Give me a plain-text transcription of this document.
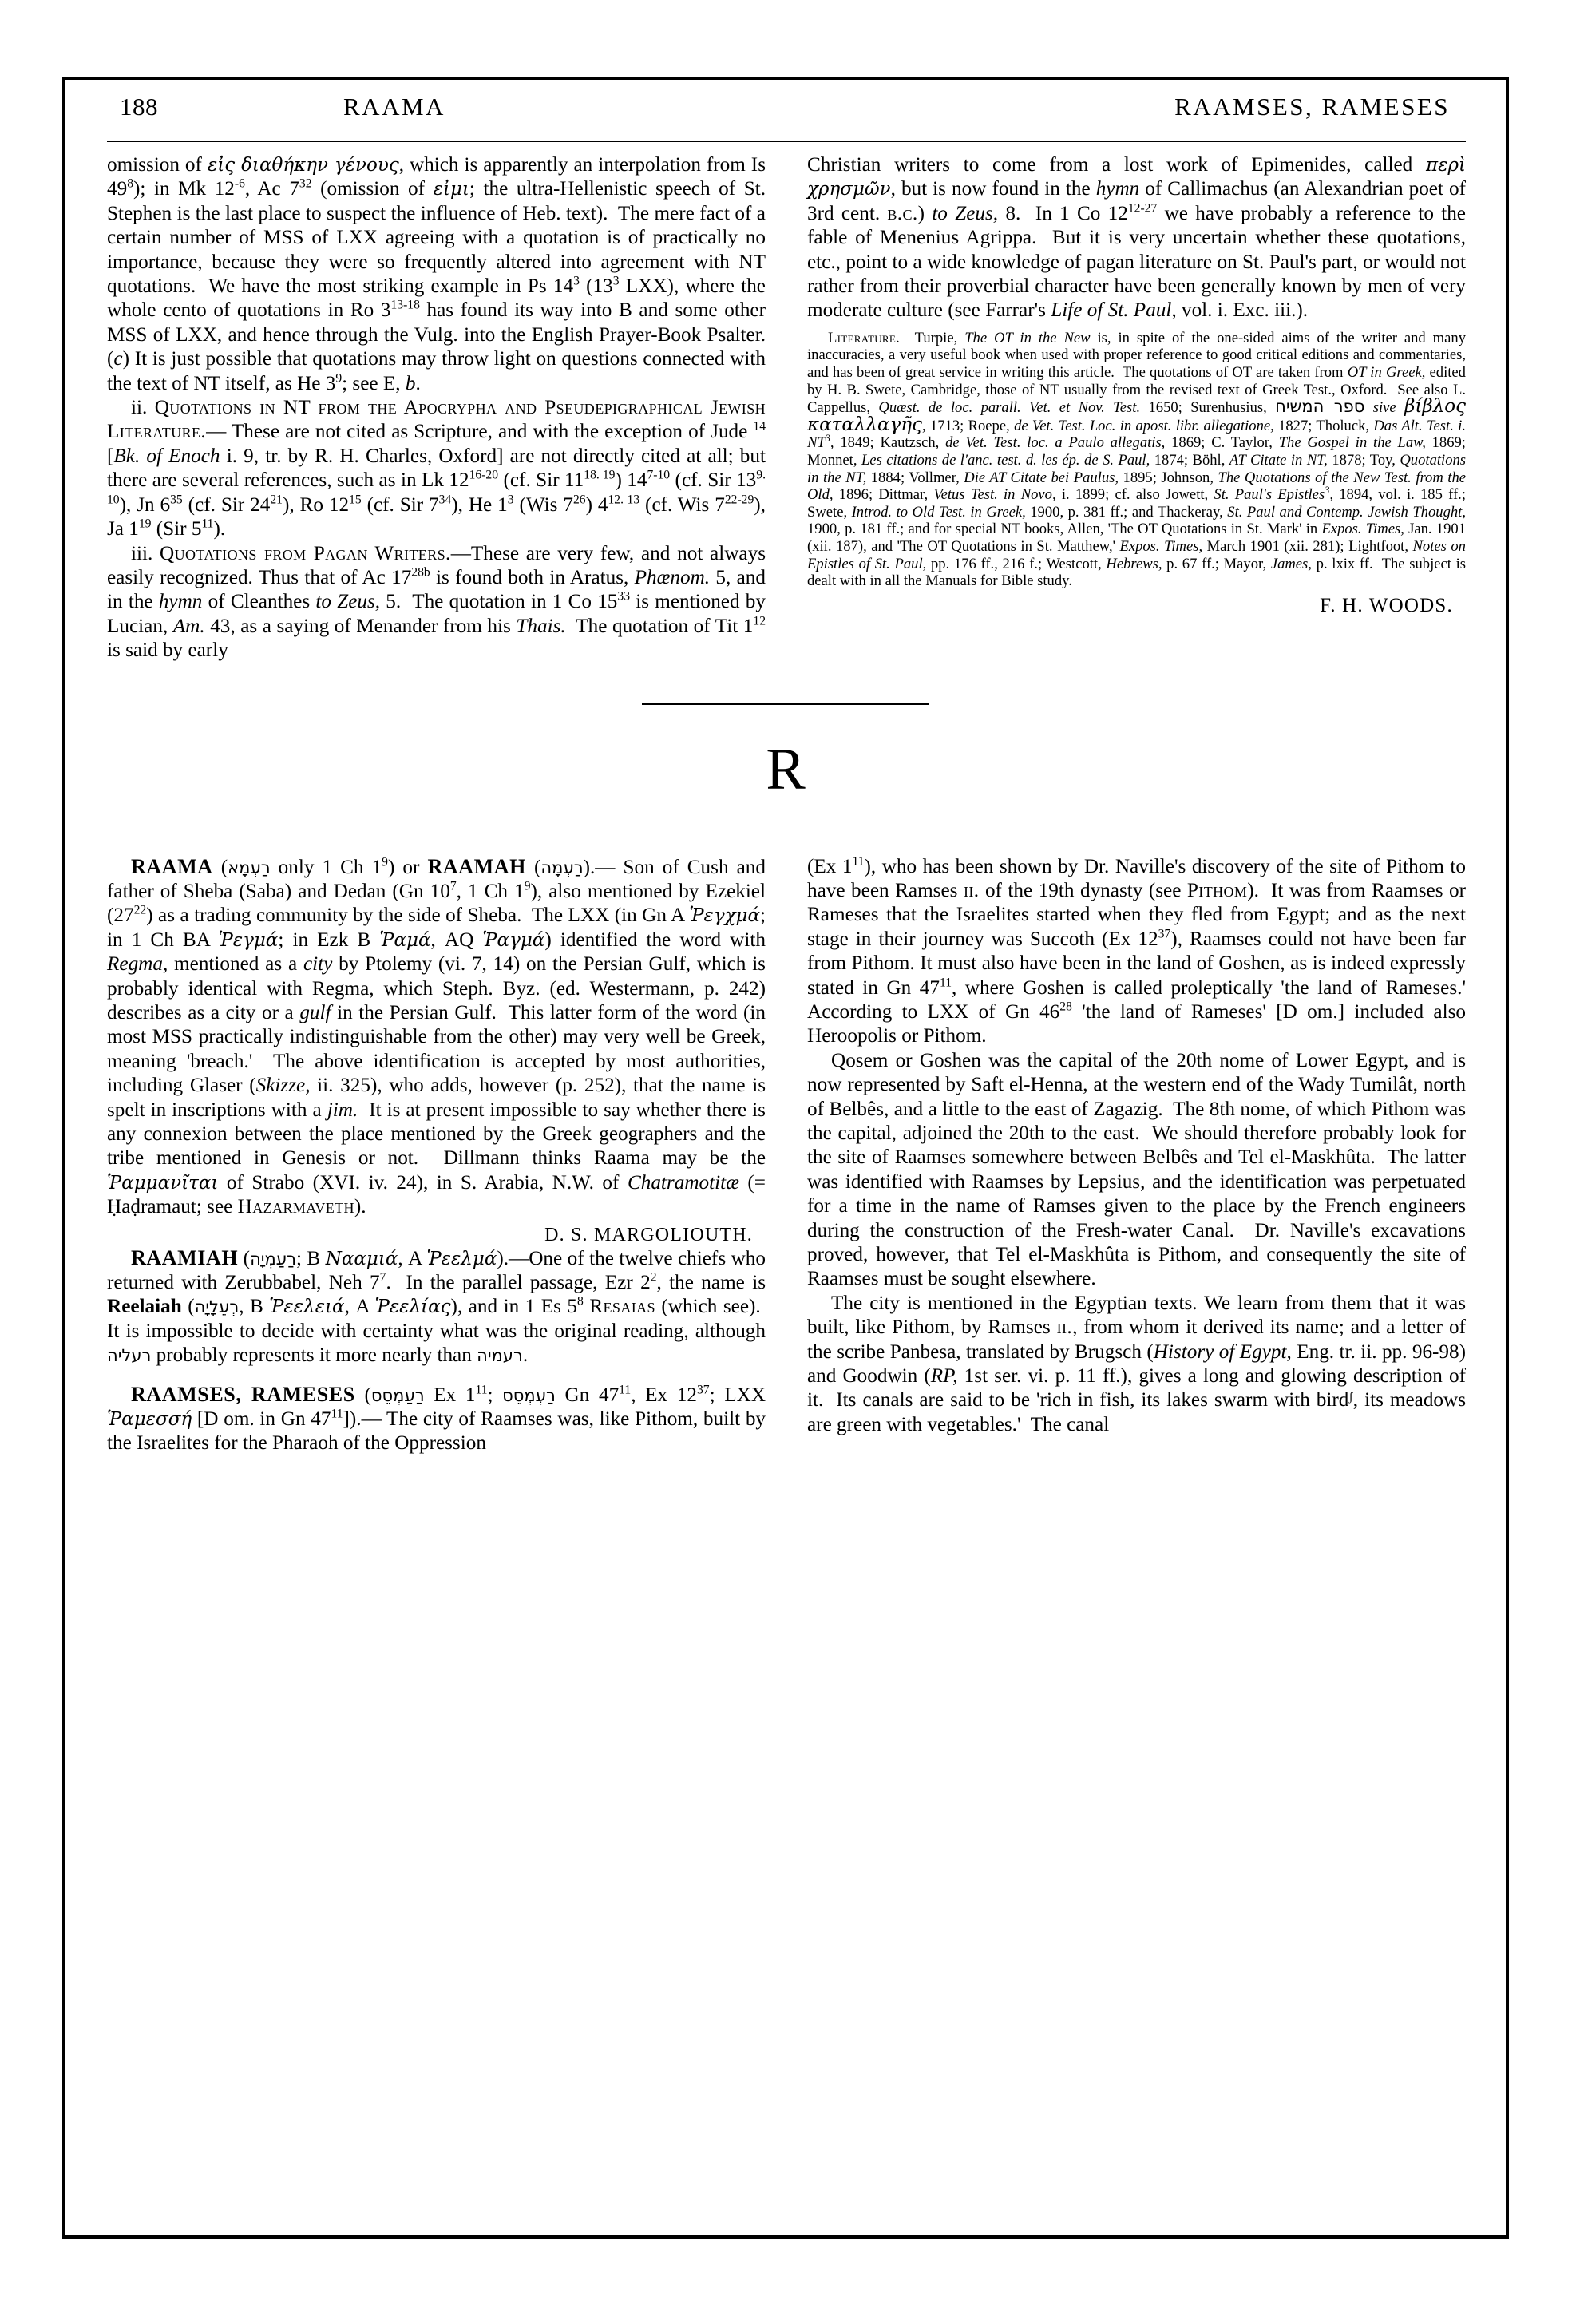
188	RAAMA	RAAMSES, RAMESES

omission of εἰς διαθήκην γένους, which is apparently an interpolation from Is $49^8$); in Mk $12^{-6}$, Ac $7^{32}$ (omission of εἰμι; the ultra-Hellenistic speech of St. Stephen is the last place to suspect the influence of Heb. text).  The mere fact of a certain number of MSS of LXX agreeing with a quotation is of practically no importance, because they were so frequently altered into agreement with NT quotations.  We have the most striking example in Ps $14^3$ ($13^3$ LXX), where the whole cento of quotations in Ro 3$^{13-18}$ has found its way into B and some other MSS of LXX, and hence through the Vulg. into the English Prayer-Book Psalter. (c) It is just possible that quotations may throw light on questions connected with the text of NT itself, as He $3^9$; see E, b.

ii. Quotations in NT from the Apocrypha and Pseudepigraphical Jewish Literature.— These are not cited as Scripture, and with the exception of Jude $^{14}$ [Bk. of Enoch i. 9, tr. by R. H. Charles, Oxford] are not directly cited at all; but there are several references, such as in Lk 12$^{16-20}$ (cf. Sir $11^{18. 19}$) 14$^{7-10}$ (cf. Sir $13^{9. 10}$), Jn $6^{35}$ (cf. Sir $24^{21}$), Ro $12^{15}$ (cf. Sir $7^{34}$), He $1^3$ (Wis $7^{26}$) $4^{12. 13}$ (cf. Wis 7$^{22-29}$), Ja $1^{19}$ (Sir $5^{11}$).

iii. Quotations from Pagan Writers.—These are very few, and not always easily recognized. Thus that of Ac $17^{28b}$ is found both in Aratus, Phænom. 5, and in the hymn of Cleanthes to Zeus, 5.  The quotation in 1 Co $15^{33}$ is mentioned by Lucian, Am. 43, as a saying of Menander from his Thais.  The quotation of Tit $1^{12}$ is said by early

Christian writers to come from a lost work of Epimenides, called περὶ χρησμῶν, but is now found in the hymn of Callimachus (an Alexandrian poet of 3rd cent. b.c.) to Zeus, 8.  In 1 Co 12$^{12-27}$ we have probably a reference to the fable of Menenius Agrippa.  But it is very uncertain whether these quotations, etc., point to a wide knowledge of pagan literature on St. Paul's part, or would not rather from their proverbial character have been generally known by men of very moderate culture (see Farrar's Life of St. Paul, vol. i. Exc. iii.).

Literature.—Turpie, The OT in the New is, in spite of the one-sided aims of the writer and many inaccuracies, a very useful book when used with proper reference to good critical editions and commentaries, and has been of great service in writing this article.  The quotations of OT are taken from OT in Greek, edited by H. B. Swete, Cambridge, those of NT usually from the revised text of Greek Test., Oxford.  See also L. Cappellus, Quæst. de loc. parall. Vet. et Nov. Test. 1650; Surenhusius, ספר המשיח sive βίβλος καταλλαγῆς, 1713; Roepe, de Vet. Test. Loc. in apost. libr. allegatione, 1827; Tholuck, Das Alt. Test. i. $NT^3$, 1849; Kautzsch, de Vet. Test. loc. a Paulo allegatis, 1869; C. Taylor, The Gospel in the Law, 1869; Monnet, Les citations de l'anc. test. d. les ép. de S. Paul, 1874; Böhl, AT Citate in NT, 1878; Toy, Quotations in the NT, 1884; Vollmer, Die AT Citate bei Paulus, 1895; Johnson, The Quotations of the New Test. from the Old, 1896; Dittmar, Vetus Test. in Novo, i. 1899; cf. also Jowett, St. Paul's Epistles$^3$, 1894, vol. i. 185 ff.; Swete, Introd. to Old Test. in Greek, 1900, p. 381 ff.; and Thackeray, St. Paul and Contemp. Jewish Thought, 1900, p. 181 ff.; and for special NT books, Allen, 'The OT Quotations in St. Mark' in Expos. Times, Jan. 1901 (xii. 187), and 'The OT Quotations in St. Matthew,' Expos. Times, March 1901 (xii. 281); Lightfoot, Notes on Epistles of St. Paul, pp. 176 ff., 216 f.; Westcott, Hebrews, p. 67 ff.; Mayor, James, p. lxix ff.  The subject is dealt with in all the Manuals for Bible study.

F. H. WOODS.
R

RAAMA (רַעְמָא only 1 Ch $1^9$) or RAAMAH (רַעְמָה).— Son of Cush and father of Sheba (Saba) and Dedan (Gn $10^7$, 1 Ch $1^9$), also mentioned by Ezekiel $(27^{22})$ as a trading community by the side of Sheba.  The LXX (in Gn A Ῥεγχμά; in 1 Ch BA Ῥεγμά; in Ezk B Ῥαμά, AQ Ῥαγμά) identified the word with Regma, mentioned as a city by Ptolemy (vi. 7, 14) on the Persian Gulf, which is probably identical with Regma, which Steph. Byz. (ed. Westermann, p. 242) describes as a city or a gulf in the Persian Gulf.  This latter form of the word (in most MSS practically indistinguishable from the other) may very well be Greek, meaning 'breach.'  The above identification is accepted by most authorities, including Glaser (Skizze, ii. 325), who adds, however (p. 252), that the name is spelt in inscriptions with a jim.  It is at present impossible to say whether there is any connexion between the place mentioned by the Greek geographers and the tribe mentioned in Genesis or not.  Dillmann thinks Raama may be the Ῥαμμανῖται of Strabo (XVI. iv. 24), in S. Arabia, N.W. of Chatramotitæ (= Ḥaḍramaut; see Hazarmaveth).

D. S. MARGOLIOUTH.

RAAMIAH (רַעַמְיָה; B Νααμιά, A Ῥεελμά).—One of the twelve chiefs who returned with Zerubbabel, Neh $7^7$.  In the parallel passage, Ezr $2^2$, the name is Reelaiah (רְעֵלָיָה, B Ῥεελειά, A Ῥεελίας), and in 1 Es $5^8$ Resaias (which see).  It is impossible to decide with certainty what was the original reading, although רעליה probably represents it more nearly than רעמיה.

RAAMSES, RAMESES (רַעַמְסֵס Ex $1^{11}$; רַעְמְסֵס Gn $47^{11}$, Ex $12^{37}$; LXX Ῥαμεσσή [D om. in Gn $47^{11}]).—$ The city of Raamses was, like Pithom, built by the Israelites for the Pharaoh of the Oppression

(Ex $1^{11}$), who has been shown by Dr. Naville's discovery of the site of Pithom to have been Ramses ii. of the 19th dynasty (see Pithom).  It was from Raamses or Rameses that the Israelites started when they fled from Egypt; and as the next stage in their journey was Succoth (Ex $12^{37}$), Raamses could not have been far from Pithom. It must also have been in the land of Goshen, as is indeed expressly stated in Gn $47^{11}$, where Goshen is called proleptically 'the land of Rameses.' According to LXX of Gn $46^{28}$ 'the land of Rameses' [D om.] included also Heroopolis or Pithom.

Qosem or Goshen was the capital of the 20th nome of Lower Egypt, and is now represented by Saft el-Henna, at the western end of the Wady Tumilât, north of Belbês, and a little to the east of Zagazig.  The 8th nome, of which Pithom was the capital, adjoined the 20th to the east.  We should therefore probably look for the site of Raamses somewhere between Belbês and Tel el-Maskhûta.  The latter was identified with Raamses by Lepsius, and the identification was perpetuated for a time in the name of Ramses given to the place by the French engineers during the construction of the Fresh-water Canal.  Dr. Naville's excavations proved, however, that Tel el-Maskhûta is Pithom, and consequently the site of Raamses must be sought elsewhere.

The city is mentioned in the Egyptian texts. We learn from them that it was built, like Pithom, by Ramses ii., from whom it derived its name; and a letter of the scribe Panbesa, translated by Brugsch (History of Egypt, Eng. tr. ii. pp. 96-98) and Goodwin (RP, 1st ser. vi. p. 11 ff.), gives a long and glowing description of it.  Its canals are said to be 'rich in fish, its lakes swarm with birdᶴ, its meadows are green with vegetables.'  The canal
